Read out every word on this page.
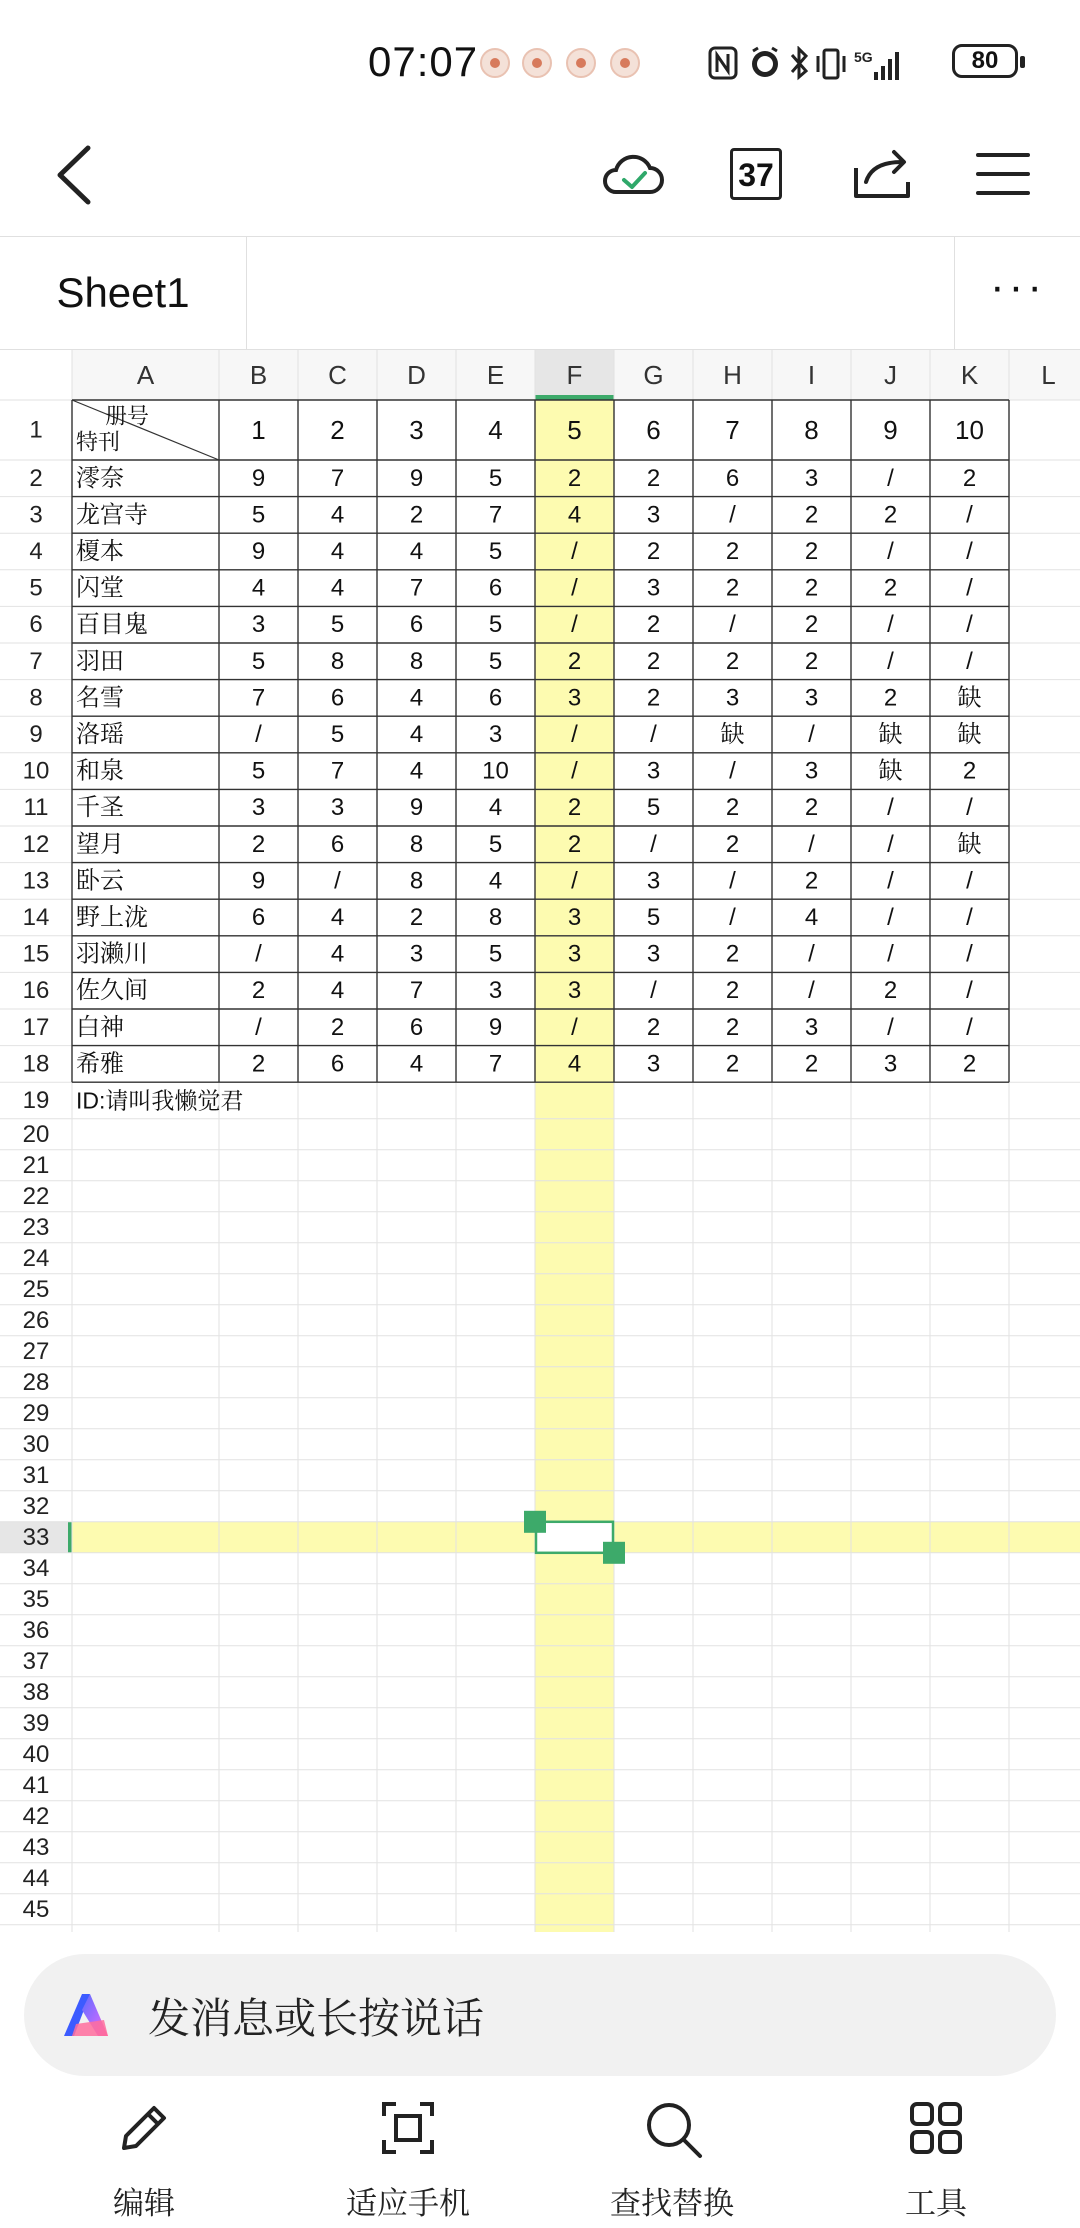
07:07	5G	80
37
Sheet1	···
A	B C D E F G H	I	J K L
1
2
3
4
5
6
7
8
9
10
11
12
13
14
15
16
17
18
19
20
21
22
23
24
25
26
27
28
29
30
31
32
33
34
35
36
37
38
39
40
41
42
43
44
45
册号
特刊	1 2 3 4 5 6 7 8 9 10
澪奈	9	7	9	5	2	2	6	3	/	2
龙宫寺	5	4	2	7	4	3	/	2	2	/
榎本	9	4	4	5	/	2	2	2	/	/
闪堂	4	4	7	6	/	3	2	2	2	/
百目鬼	3	5	6	5	/	2	/	2	/	/
羽田	5	8	8	5	2	2	2	2	/	/
名雪	7	6	4	6	3	2	3	3	2	缺
洛瑶	/	5	4	3	/	/	缺	/	缺 缺
和泉	5	7	4 10	/	3	/	3	缺	2
千圣	3	3	9	4	2	5	2	2	/	/
望月	2	6	8	5	2	/	2	/	/	缺
卧云	9	/	8	4	/	3	/	2	/	/
野上泷	6	4	2	8	3	5	/	4	/	/
羽濑川	/	4	3	5	3	3	2	/	/	/
佐久间	2	4	7	3	3	/	2	/	2	/
白神	/	2	6	9	/	2	2	3	/	/
希雅	2	6	4	7	4	3	2	2	3	2
ID:请叫我懒觉君
发消息或长按说话
编辑	适应手机	查找替换	工具
